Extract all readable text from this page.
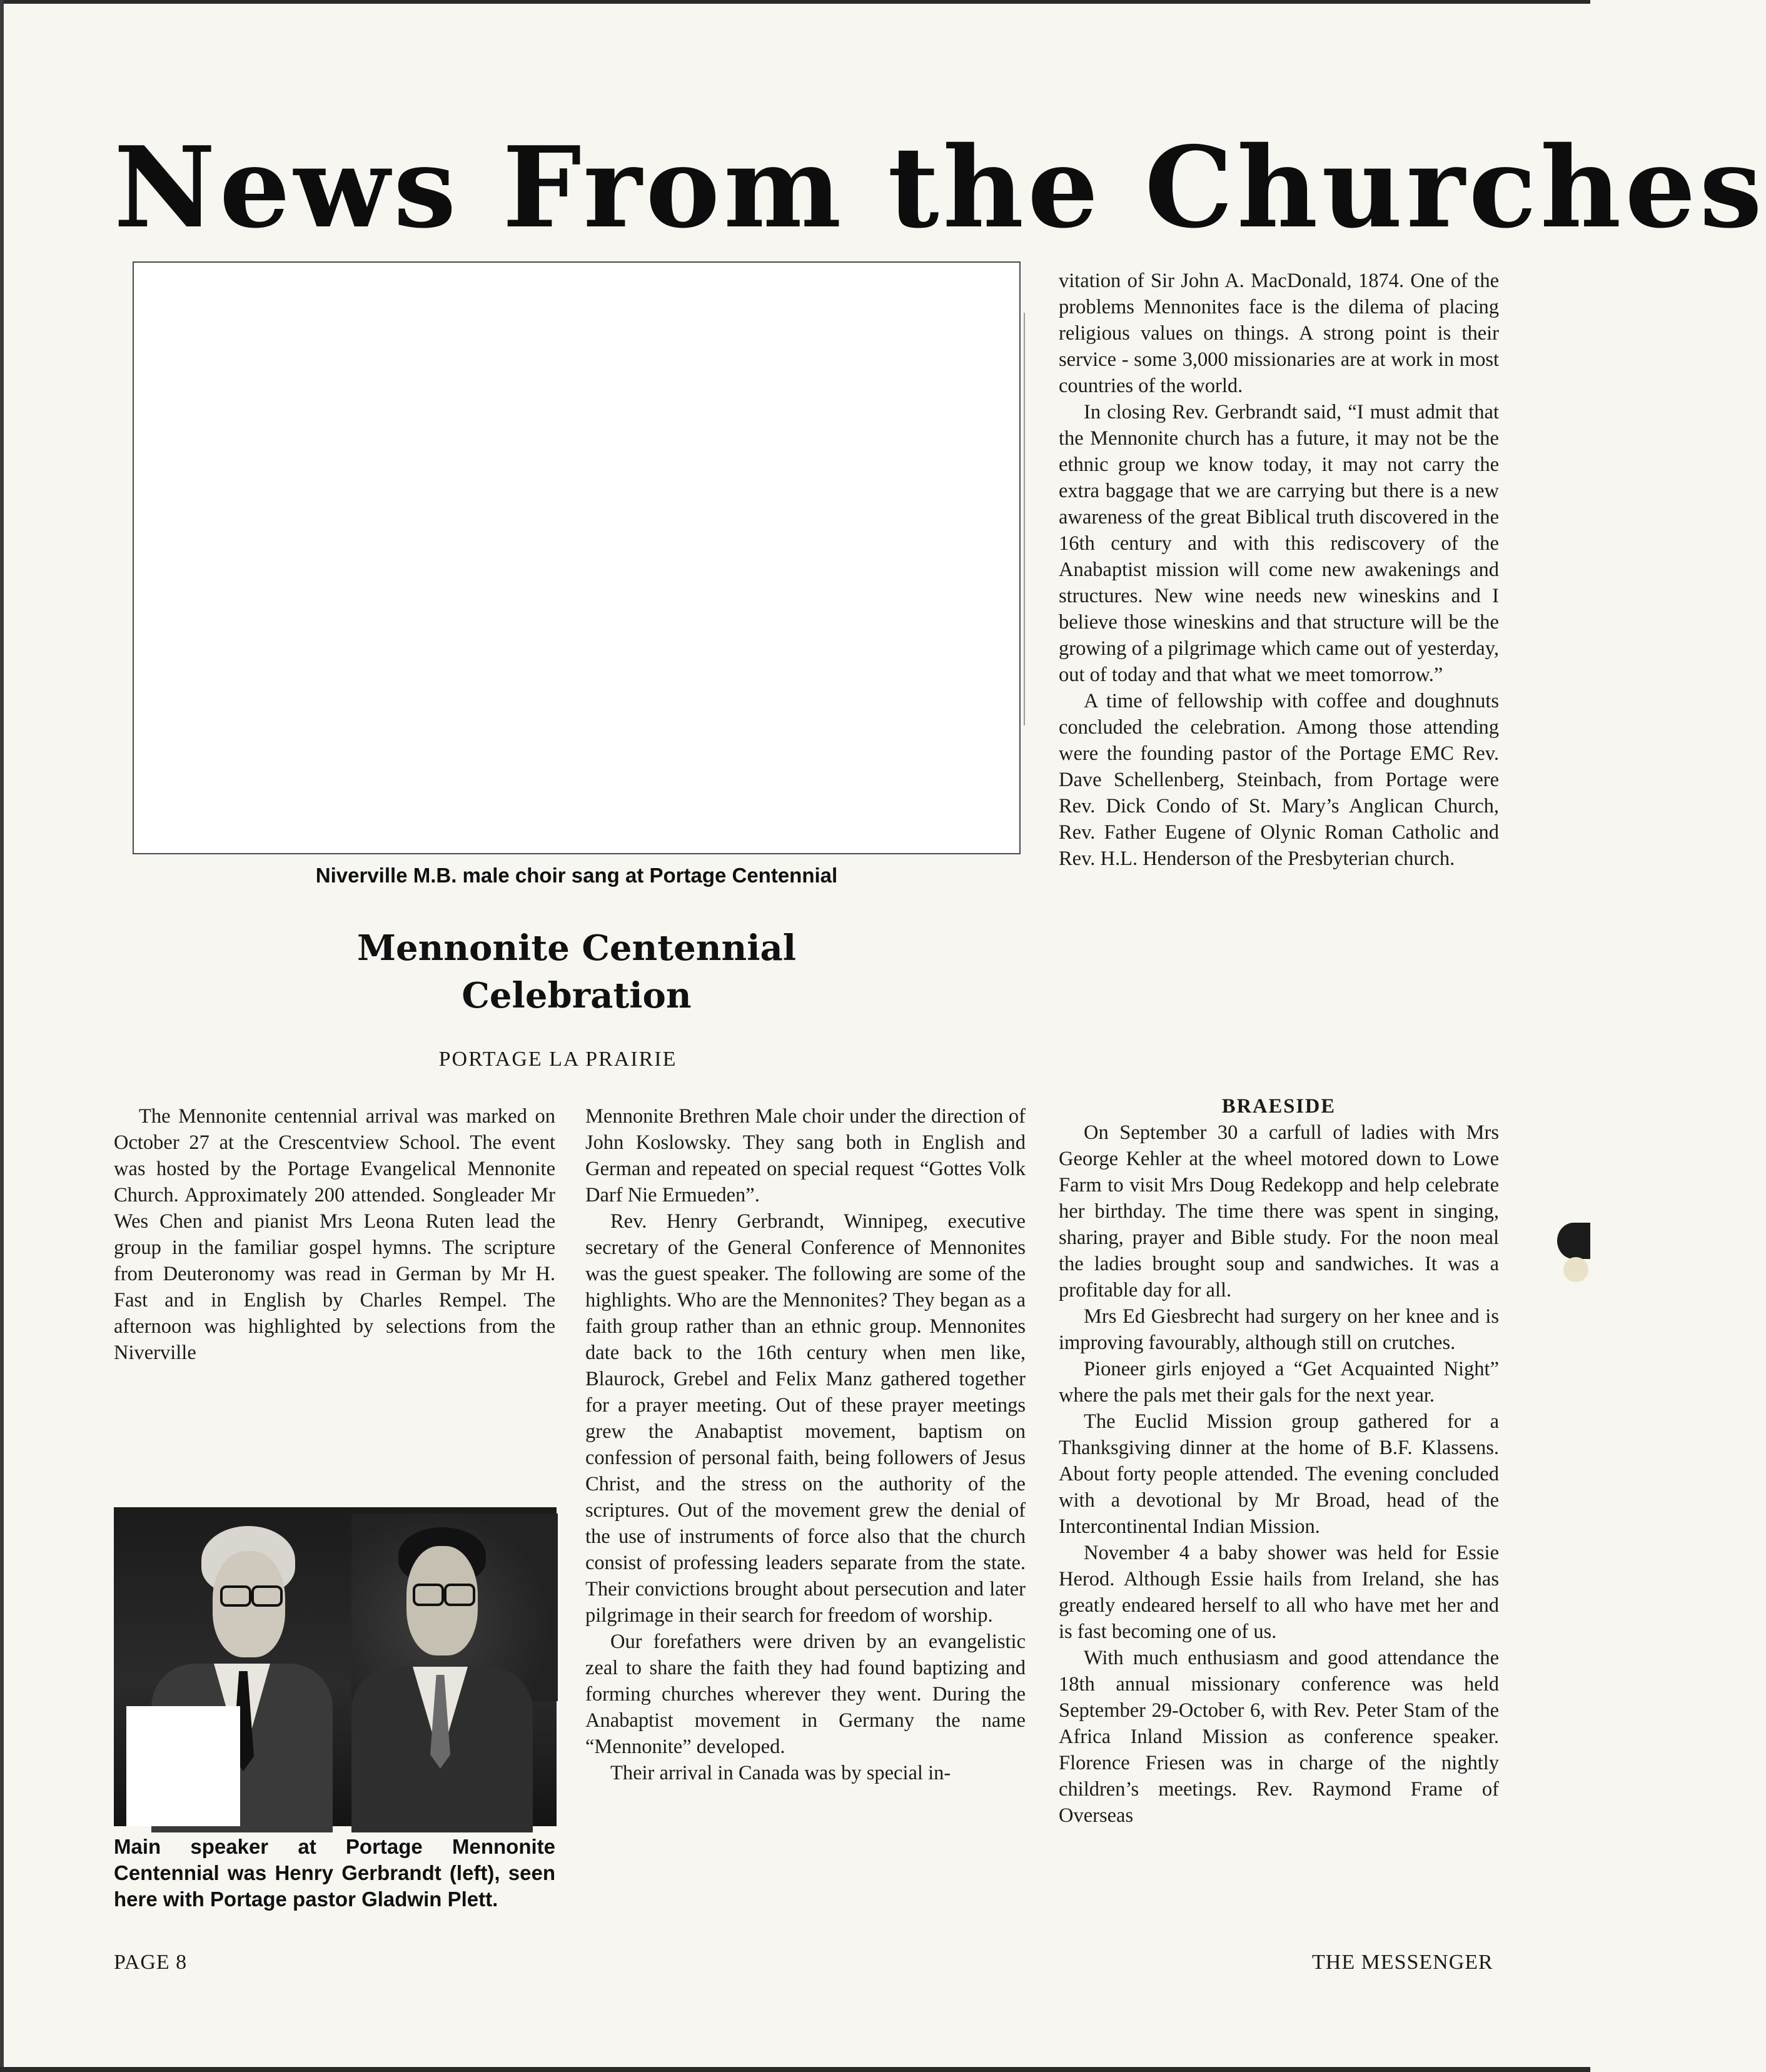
News From the Churches
Niverville M.B. male choir sang at Portage Centennial
Mennonite Centennial
Celebration
PORTAGE LA PRAIRIE

The Mennonite centennial arrival was marked on October 27 at the Crescentview School. The event was hosted by the Portage Evangelical Mennonite Church. Approximately 200 attended. Songleader Mr Wes Chen and pianist Mrs Leona Ruten lead the group in the familiar gospel hymns. The scripture from Deuteronomy was read in German by Mr H. Fast and in English by Charles Rempel. The afternoon was highlighted by selections from the Niverville

Mennonite Brethren Male choir under the direction of John Koslowsky. They sang both in English and German and repeated on special request “Gottes Volk Darf Nie Ermueden”.

Rev. Henry Gerbrandt, Winnipeg, executive secretary of the General Conference of Mennonites was the guest speaker. The following are some of the highlights. Who are the Mennonites? They began as a faith group rather than an ethnic group. Mennonites date back to the 16th century when men like, Blaurock, Grebel and Felix Manz gathered together for a prayer meeting. Out of these prayer meetings grew the Anabaptist movement, baptism on confession of personal faith, being followers of Jesus Christ, and the stress on the authority of the scriptures. Out of the movement grew the denial of the use of instruments of force also that the church consist of professing leaders separate from the state. Their convictions brought about persecution and later pilgrimage in their search for freedom of worship.

Our forefathers were driven by an evangelistic zeal to share the faith they had found baptizing and forming churches wherever they went. During the Anabaptist movement in Germany the name “Mennonite” developed.

Their arrival in Canada was by special in-

vitation of Sir John A. MacDonald, 1874. One of the problems Mennonites face is the dilema of placing religious values on things. A strong point is their service - some 3,000 missionaries are at work in most countries of the world.

In closing Rev. Gerbrandt said, “I must admit that the Mennonite church has a future, it may not be the ethnic group we know today, it may not carry the extra baggage that we are carrying but there is a new awareness of the great Biblical truth discovered in the 16th century and with this rediscovery of the Anabaptist mission will come new awakenings and structures. New wine needs new wineskins and I believe those wineskins and that structure will be the growing of a pilgrimage which came out of yesterday, out of today and that what we meet tomorrow.”

A time of fellowship with coffee and doughnuts concluded the celebration. Among those attending were the founding pastor of the Portage EMC Rev. Dave Schellenberg, Steinbach, from Portage were Rev. Dick Condo of St. Mary’s Anglican Church, Rev. Father Eugene of Olynic Roman Catholic and Rev. H.L. Henderson of the Presbyterian church.

BRAESIDE

On September 30 a carfull of ladies with Mrs George Kehler at the wheel motored down to Lowe Farm to visit Mrs Doug Redekopp and help celebrate her birthday. The time there was spent in singing, sharing, prayer and Bible study. For the noon meal the ladies brought soup and sandwiches. It was a profitable day for all.

Mrs Ed Giesbrecht had surgery on her knee and is improving favourably, although still on crutches.

Pioneer girls enjoyed a “Get Acquainted Night” where the pals met their gals for the next year.

The Euclid Mission group gathered for a Thanksgiving dinner at the home of B.F. Klassens. About forty people attended. The evening concluded with a devotional by Mr Broad, head of the Intercontinental Indian Mission.

November 4 a baby shower was held for Essie Herod. Although Essie hails from Ireland, she has greatly endeared herself to all who have met her and is fast becoming one of us.

With much enthusiasm and good attendance the 18th annual missionary conference was held September 29-October 6, with Rev. Peter Stam of the Africa Inland Mission as conference speaker. Florence Friesen was in charge of the nightly children’s meetings. Rev. Raymond Frame of Overseas

Main speaker at Portage Mennonite Centennial was Henry Gerbrandt (left), seen here with Portage pastor Gladwin Plett.
PAGE 8	THE MESSENGER
